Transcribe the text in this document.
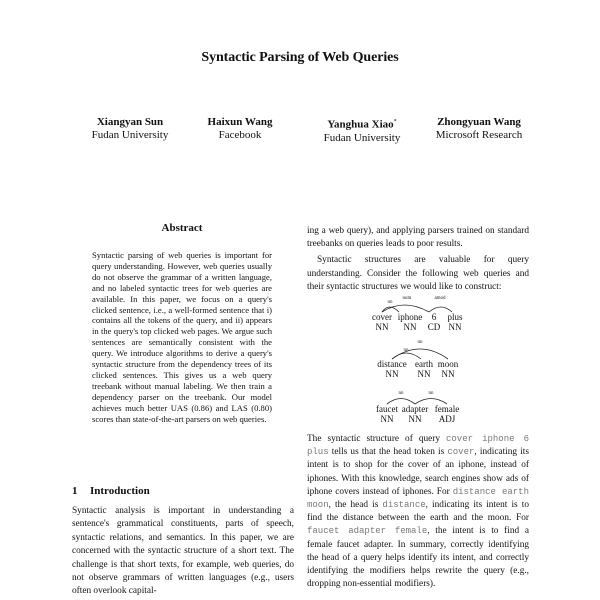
Syntactic Parsing of Web Queries
Xiangyan Sun
Fudan University
Haixun Wang
Facebook
Yanghua Xiao*
Fudan University
Zhongyuan Wang
Microsoft Research
Abstract

Syntactic parsing of web queries is important for query understanding. However, web queries usually do not observe the grammar of a written language, and no labeled syntactic trees for web queries are available. In this paper, we focus on a query's clicked sentence, i.e., a well-formed sentence that i) contains all the tokens of the query, and ii) appears in the query's top clicked web pages. We argue such sentences are semantically consistent with the query. We introduce algorithms to derive a query's syntactic structure from the dependency trees of its clicked sentences. This gives us a web query treebank without manual labeling. We then train a dependency parser on the treebank. Our model achieves much better UAS (0.86) and LAS (0.80) scores than state-of-the-art parsers on web queries.

1 Introduction

Syntactic analysis is important in understanding a sentence's grammatical constituents, parts of speech, syntactic relations, and semantics. In this paper, we are concerned with the syntactic structure of a short text. The challenge is that short texts, for example, web queries, do not observe grammars of written languages (e.g., users often overlook capital-

ing a web query), and applying parsers trained on standard treebanks on queries leads to poor results.

Syntactic structures are valuable for query understanding. Consider the following web queries and their syntactic structures we would like to construct:

nn
num	amod
cover iphone 6 plus
NN NN CD NN
nn
nn
distance earth moon
NN NN NN
nn	nn
faucet adapter female
NN NN ADJ

The syntactic structure of query cover iphone 6 plus tells us that the head token is cover, indicating its intent is to shop for the cover of an iphone, instead of iphones. With this knowledge, search engines show ads of iphone covers instead of iphones. For distance earth moon, the head is distance, indicating its intent is to find the distance between the earth and the moon. For faucet adapter female, the intent is to find a female faucet adapter. In summary, correctly identifying the head of a query helps identify its intent, and correctly identifying the modifiers helps rewrite the query (e.g., dropping non-essential modifiers).
